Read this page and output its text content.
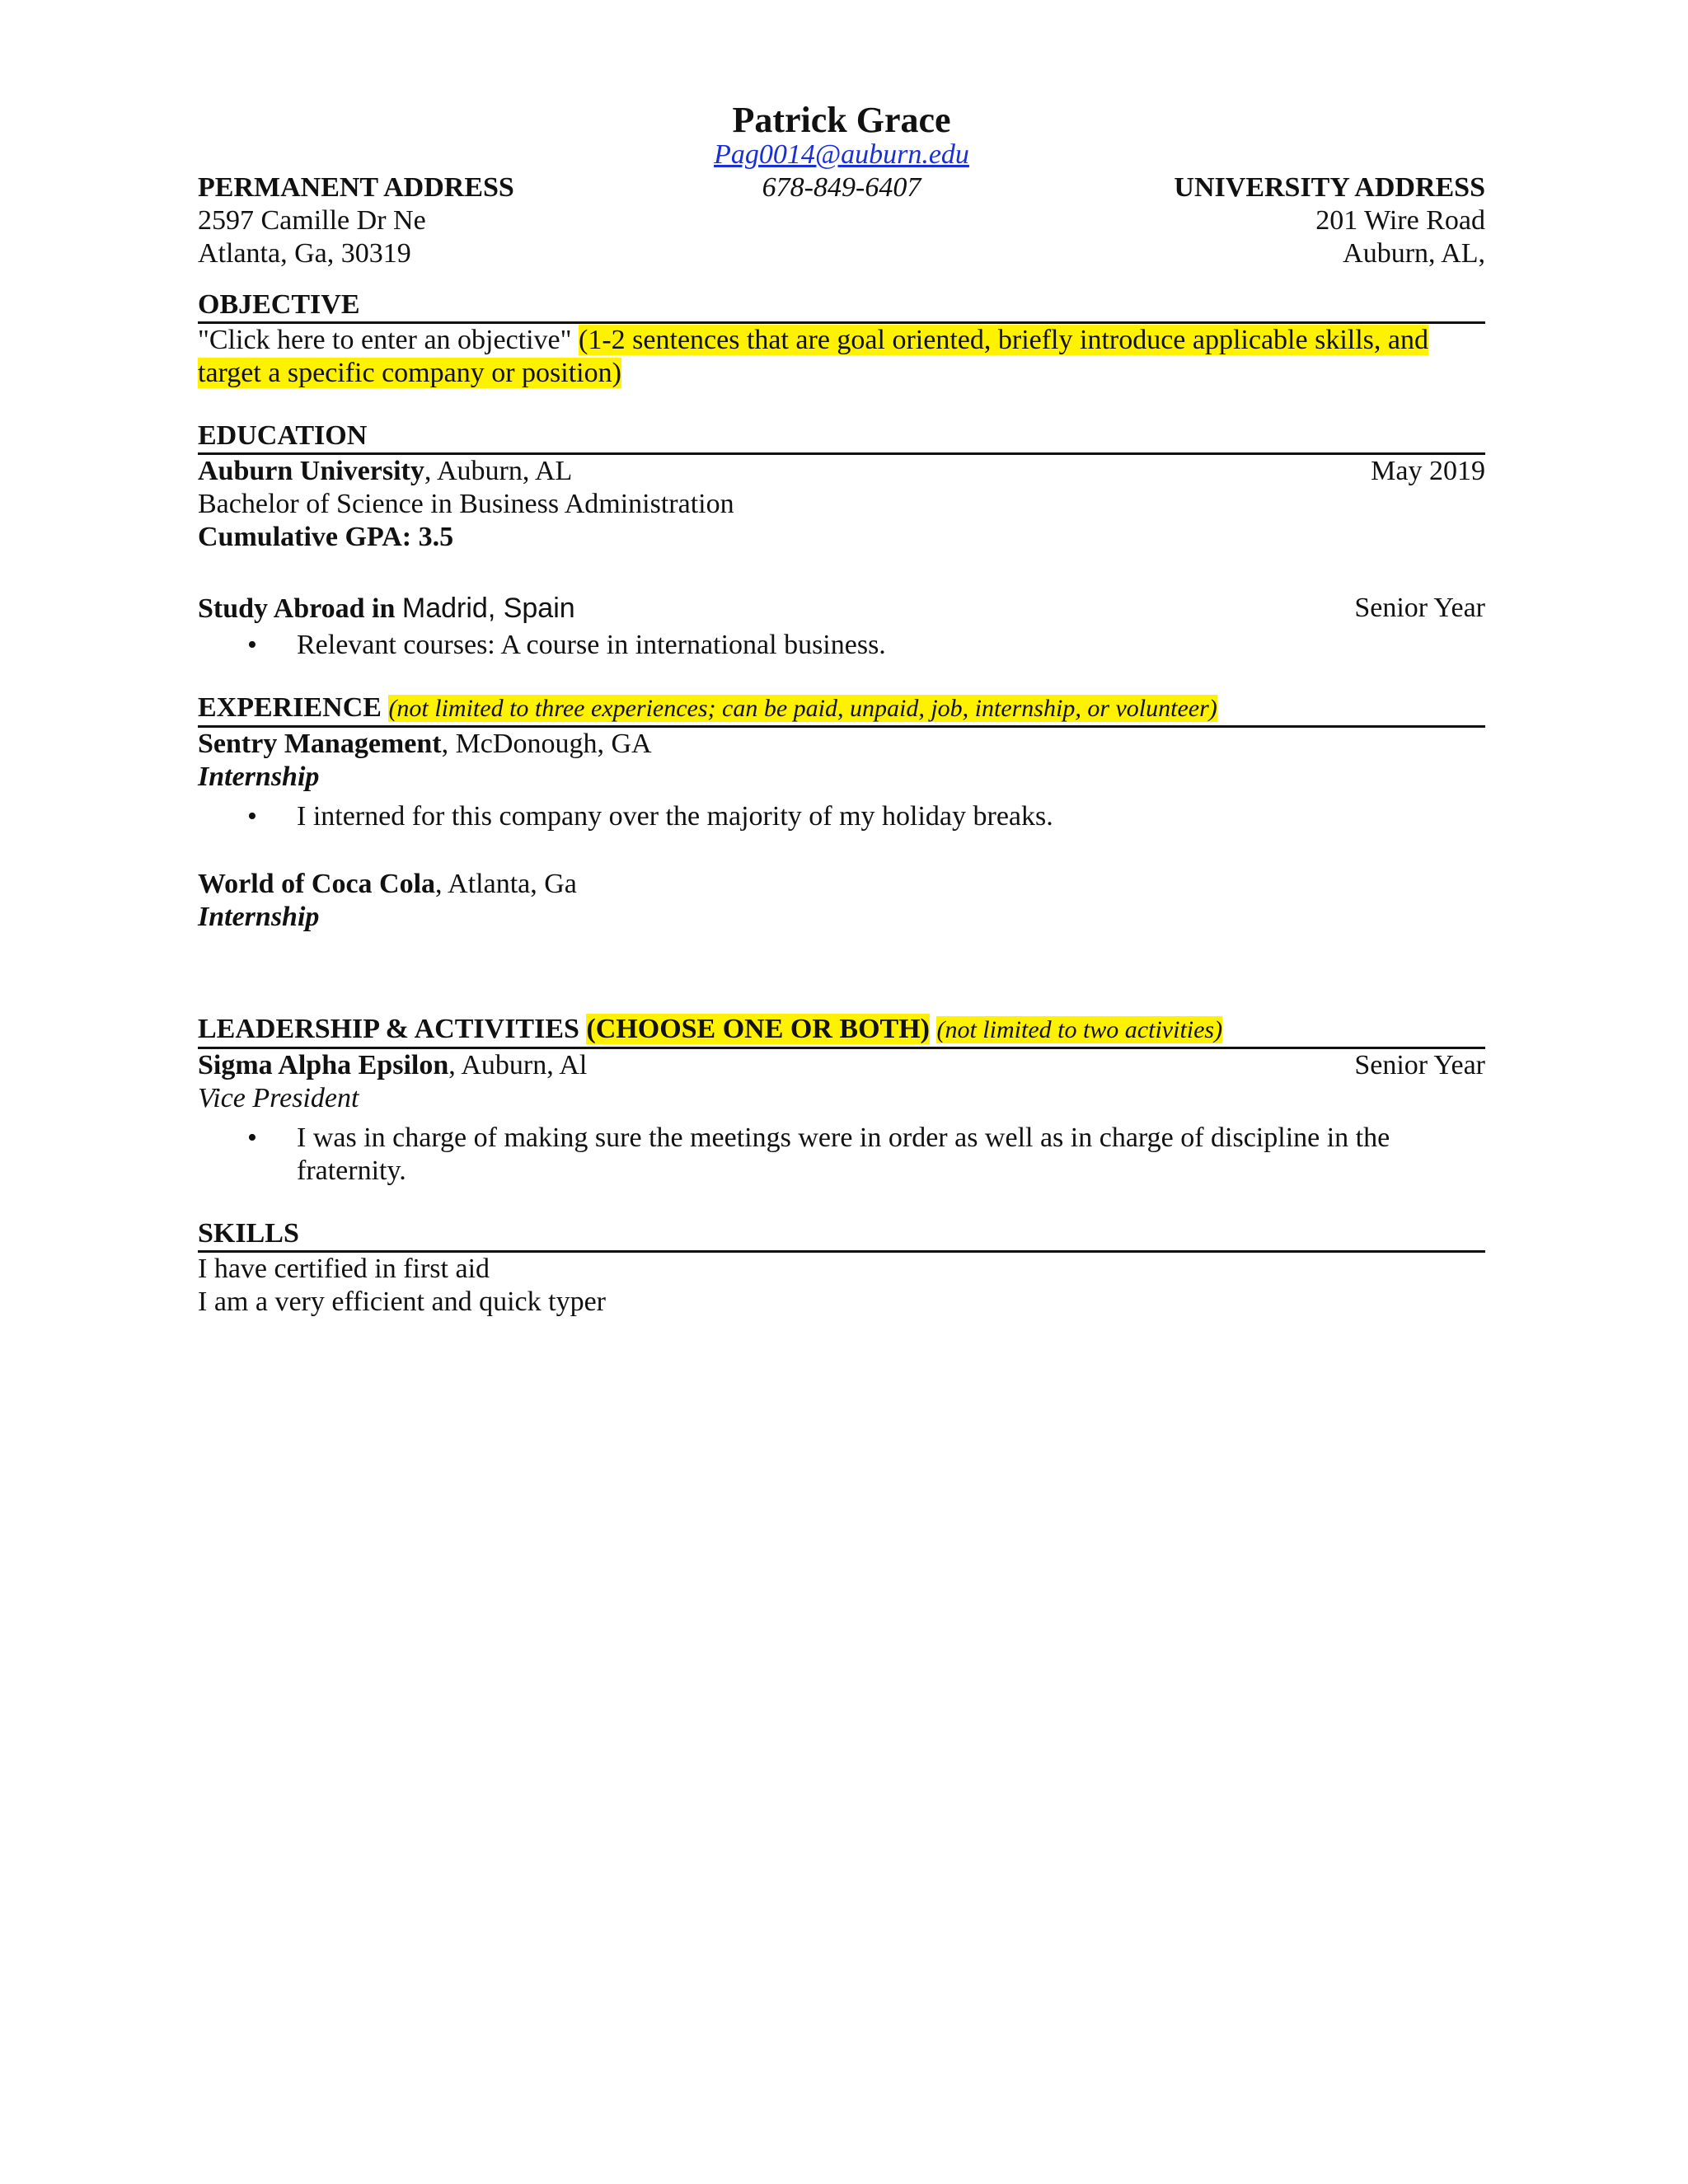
Patrick Grace
Pag0014@auburn.edu
678-849-6407
PERMANENT ADDRESS
2597 Camille Dr Ne
Atlanta, Ga, 30319
UNIVERSITY ADDRESS
201 Wire Road
Auburn, AL,
OBJECTIVE
"Click here to enter an objective" (1-2 sentences that are goal oriented, briefly introduce applicable skills, and target a specific company or position)
EDUCATION
Auburn University, Auburn, AL	May 2019
Bachelor of Science in Business Administration
Cumulative GPA: 3.5
Study Abroad in Madrid, Spain	Senior Year
• Relevant courses: A course in international business.
EXPERIENCE (not limited to three experiences; can be paid, unpaid, job, internship, or volunteer)
Sentry Management, McDonough, GA
Internship
• I interned for this company over the majority of my holiday breaks.
World of Coca Cola, Atlanta, Ga
Internship
LEADERSHIP & ACTIVITIES (CHOOSE ONE OR BOTH) (not limited to two activities)
Sigma Alpha Epsilon, Auburn, Al	Senior Year
Vice President
• I was in charge of making sure the meetings were in order as well as in charge of discipline in the fraternity.
SKILLS
I have certified in first aid
I am a very efficient and quick typer
